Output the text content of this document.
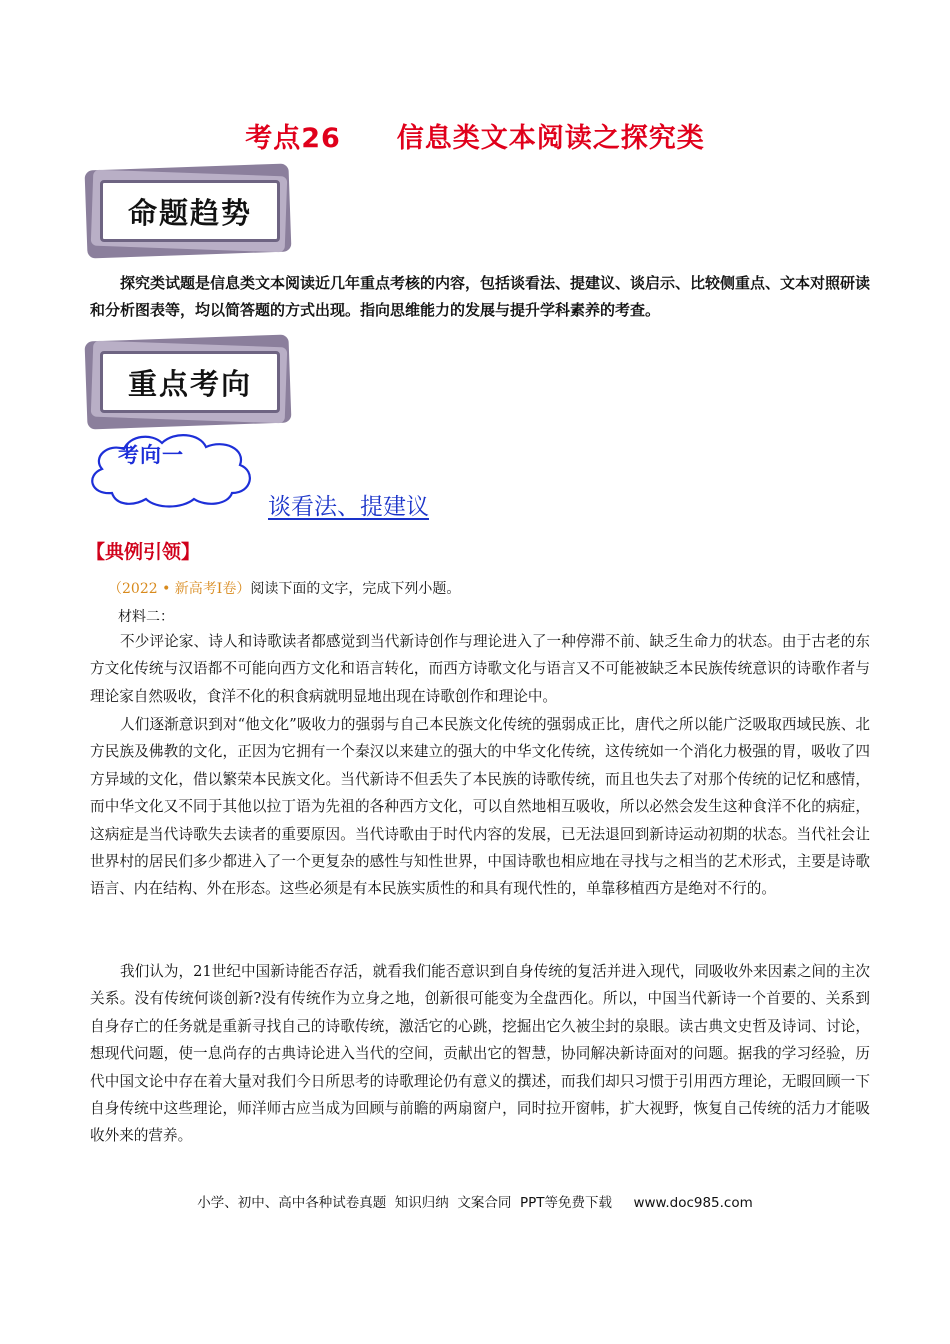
考点26　　信息类文本阅读之探究类
命题趋势
探究类试题是信息类文本阅读近几年重点考核的内容，包括谈看法、提建议、谈启示、比较侧重点、文本对照研读和分析图表等，均以简答题的方式出现。指向思维能力的发展与提升学科素养的考查。
重点考向
考向一
谈看法、提建议
【典例引领】
（2022 • 新高考Ⅰ卷）阅读下面的文字，完成下列小题。
材料二：
不少评论家、诗人和诗歌读者都感觉到当代新诗创作与理论进入了一种停滞不前、缺乏生命力的状态。由于古老的东方文化传统与汉语都不可能向西方文化和语言转化，而西方诗歌文化与语言又不可能被缺乏本民族传统意识的诗歌作者与理论家自然吸收，食洋不化的积食病就明显地出现在诗歌创作和理论中。
人们逐渐意识到对“他文化”吸收力的强弱与自己本民族文化传统的强弱成正比，唐代之所以能广泛吸取西域民族、北方民族及佛教的文化，正因为它拥有一个秦汉以来建立的强大的中华文化传统，这传统如一个消化力极强的胃，吸收了四方异域的文化，借以繁荣本民族文化。当代新诗不但丢失了本民族的诗歌传统，而且也失去了对那个传统的记忆和感情，而中华文化又不同于其他以拉丁语为先祖的各种西方文化，可以自然地相互吸收，所以必然会发生这种食洋不化的病症，这病症是当代诗歌失去读者的重要原因。当代诗歌由于时代内容的发展，已无法退回到新诗运动初期的状态。当代社会让世界村的居民们多少都进入了一个更复杂的感性与知性世界，中国诗歌也相应地在寻找与之相当的艺术形式，主要是诗歌语言、内在结构、外在形态。这些必须是有本民族实质性的和具有现代性的，单靠移植西方是绝对不行的。
我们认为，21世纪中国新诗能否存活，就看我们能否意识到自身传统的复活并进入现代，同吸收外来因素之间的主次关系。没有传统何谈创新?没有传统作为立身之地，创新很可能变为全盘西化。所以，中国当代新诗一个首要的、关系到自身存亡的任务就是重新寻找自己的诗歌传统，激活它的心跳，挖掘出它久被尘封的泉眼。读古典文史哲及诗词、讨论，想现代问题，使一息尚存的古典诗论进入当代的空间，贡献出它的智慧，协同解决新诗面对的问题。据我的学习经验，历代中国文论中存在着大量对我们今日所思考的诗歌理论仍有意义的撰述，而我们却只习惯于引用西方理论，无暇回顾一下自身传统中这些理论，师洋师古应当成为回顾与前瞻的两扇窗户，同时拉开窗帏，扩大视野，恢复自己传统的活力才能吸收外来的营养。
小学、初中、高中各种试卷真题  知识归纳  文案合同  PPT等免费下载     www.doc985.com
